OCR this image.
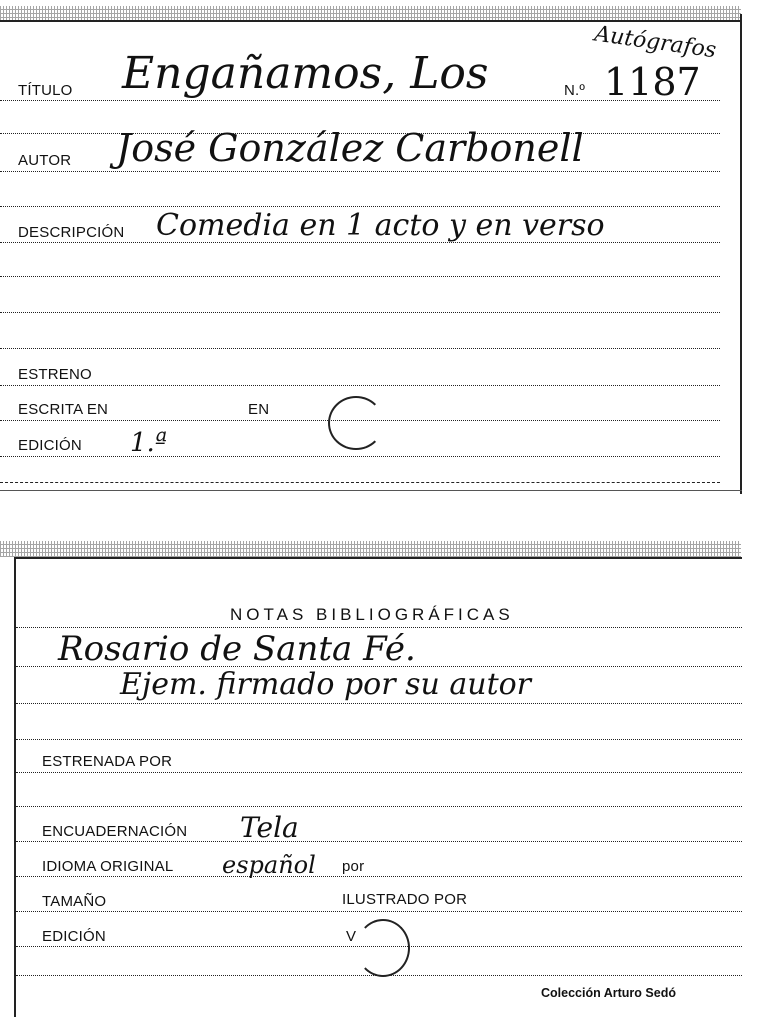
Autógrafos
TÍTULO Engañamos, Los	N.º 1187
AUTOR José González Carbonell
DESCRIPCIÓN Comedia en 1 acto y en verso
ESTRENO
ESCRITA EN	EN
EDICIÓN 1.ª
NOTAS BIBLIOGRÁFICAS
Rosario de Santa Fé.
Ejem. firmado por su autor
ESTRENADA POR
ENCUADERNACIÓN Tela
IDIOMA ORIGINAL español por
TAMAÑO	ILUSTRADO POR
EDICIÓN	V
Colección Arturo Sedó
